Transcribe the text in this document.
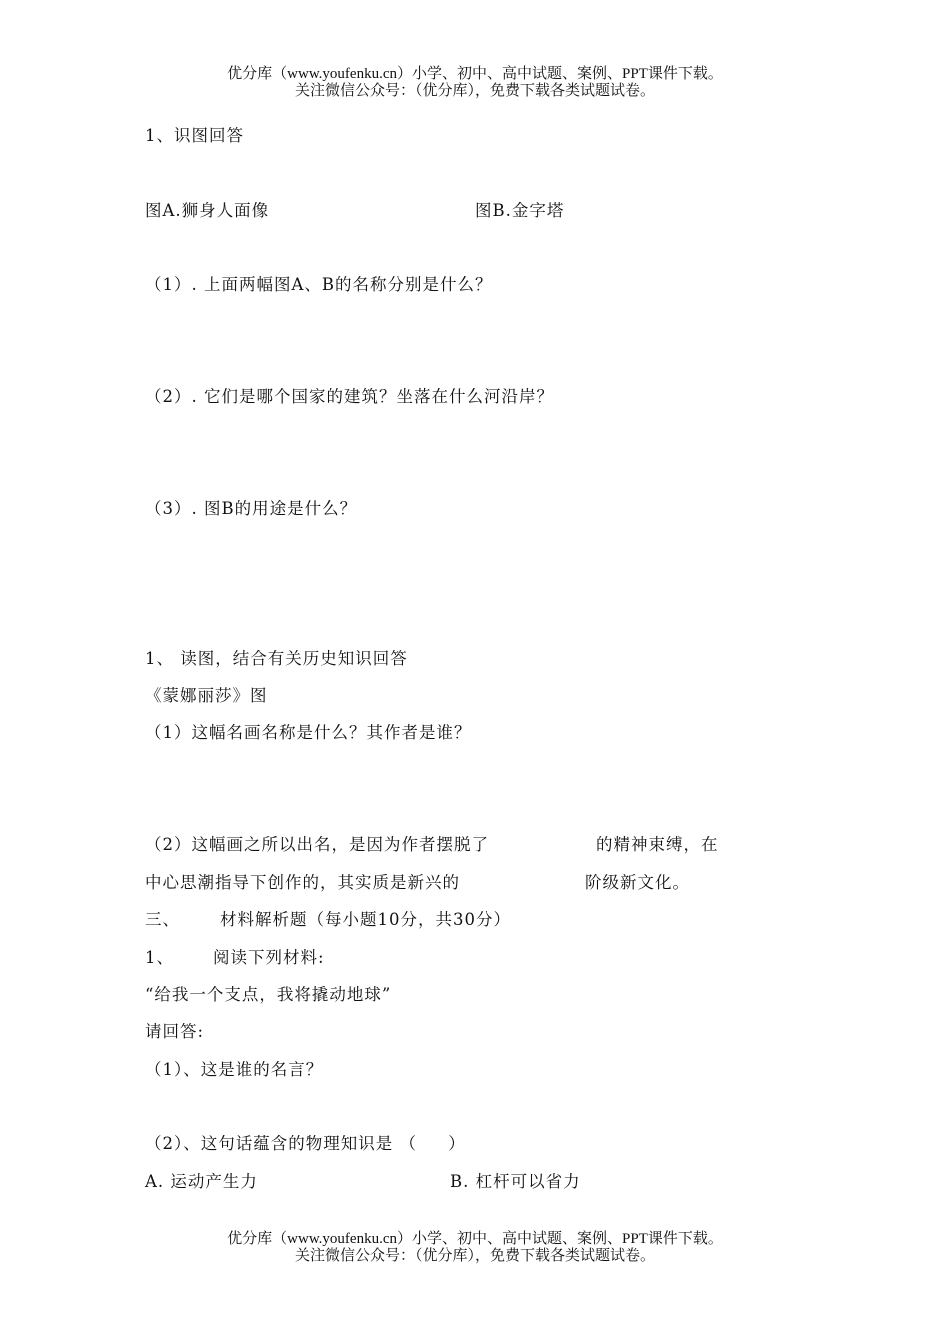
优分库（www.youfenku.cn）小学、初中、高中试题、案例、PPT课件下载。
关注微信公众号：（优分库），免费下载各类试题试卷。
1、识图回答
图A.狮身人面像	图B.金字塔
（1）. 上面两幅图A、B的名称分别是什么？
（2）. 它们是哪个国家的建筑？坐落在什么河沿岸？
（3）. 图B的用途是什么？
1、 读图，结合有关历史知识回答
《蒙娜丽莎》图
（1）这幅名画名称是什么？其作者是谁？
（2）这幅画之所以出名，是因为作者摆脱了	的精神束缚，在
中心思潮指导下创作的，其实质是新兴的	阶级新文化。
三、 材料解析题（每小题10分，共30分）
1、 阅读下列材料:
“给我一个支点，我将撬动地球”
请回答:
（1）、这是谁的名言？
（2）、这句话蕴含的物理知识是 （     ）
A. 运动产生力	B. 杠杆可以省力
优分库（www.youfenku.cn）小学、初中、高中试题、案例、PPT课件下载。
关注微信公众号：（优分库），免费下载各类试题试卷。
